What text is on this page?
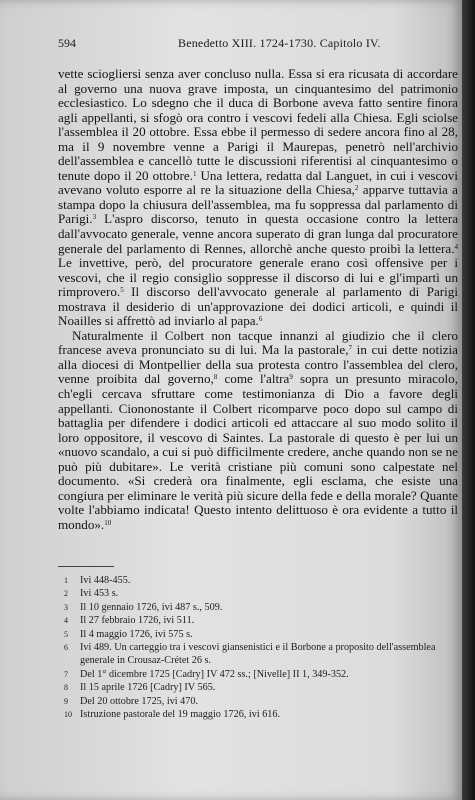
594	Benedetto XIII. 1724-1730. Capitolo IV.

vette sciogliersi senza aver concluso nulla. Essa si era ricusata di accordare al governo una nuova grave imposta, un cinquantesimo del patrimonio ecclesiastico. Lo sdegno che il duca di Borbone aveva fatto sentire finora agli appellanti, si sfogò ora contro i vescovi fedeli alla Chiesa. Egli sciolse l'assemblea il 20 ottobre. Essa ebbe il permesso di sedere ancora fino al 28, ma il 9 novembre venne a Parigi il Maurepas, penetrò nell'archivio dell'assemblea e cancellò tutte le discussioni riferentisi al cinquantesimo o tenute dopo il 20 ottobre.$^1$ Una lettera, redatta dal Languet, in cui i vescovi avevano voluto esporre al re la situazione della Chiesa,$^2$ apparve tuttavia a stampa dopo la chiusura dell'assemblea, ma fu soppressa dal parlamento di Parigi.$^3$ L'aspro discorso, tenuto in questa occasione contro la lettera dall'avvocato generale, venne ancora superato di gran lunga dal procuratore generale del parlamento di Rennes, allorchè anche questo proibì la lettera.$^4$ Le invettive, però, del procuratore generale erano così offensive per i vescovi, che il regio consiglio soppresse il discorso di lui e gl'impartì un rimprovero.$^5$ Il discorso dell'avvocato generale al parlamento di Parigi mostrava il desiderio di un'approvazione dei dodici articoli, e quindi il Noailles si affrettò ad inviarlo al papa.$^6$

Naturalmente il Colbert non tacque innanzi al giudizio che il clero francese aveva pronunciato su di lui. Ma la pastorale,$^7$ in cui dette notizia alla diocesi di Montpellier della sua protesta contro l'assemblea del clero, venne proibita dal governo,$^8$ come l'altra$^9$ sopra un presunto miracolo, ch'egli cercava sfruttare come testimonianza di Dio a favore degli appellanti. Ciononostante il Colbert ricomparve poco dopo sul campo di battaglia per difendere i dodici articoli ed attaccare al suo modo solito il loro oppositore, il vescovo di Saintes. La pastorale di questo è per lui un «nuovo scandalo, a cui si può difficilmente credere, anche quando non se ne può più dubitare». Le verità cristiane più comuni sono calpestate nel documento. «Si crederà ora finalmente, egli esclama, che esiste una congiura per eliminare le verità più sicure della fede e della morale? Quante volte l'abbiamo indicata! Questo intento delittuoso è ora evidente a tutto il mondo».$^{10}$

1	Ivi 448-455.
2	Ivi 453 s.
3	Il 10 gennaio 1726, ivi 487 s., 509.
4	Il 27 febbraio 1726, ivi 511.
5	Il 4 maggio 1726, ivi 575 s.
6	Ivi 489. Un carteggio tra i vescovi giansenistici e il Borbone a proposito dell'assemblea generale in Crousaz-Crétet 26 s.
7	Del 1° dicembre 1725 [Cadry] IV 472 ss.; [Nivelle] II 1, 349-352.
8	Il 15 aprile 1726 [Cadry] IV 565.
9	Del 20 ottobre 1725, ivi 470.
10 Istruzione pastorale del 19 maggio 1726, ivi 616.
